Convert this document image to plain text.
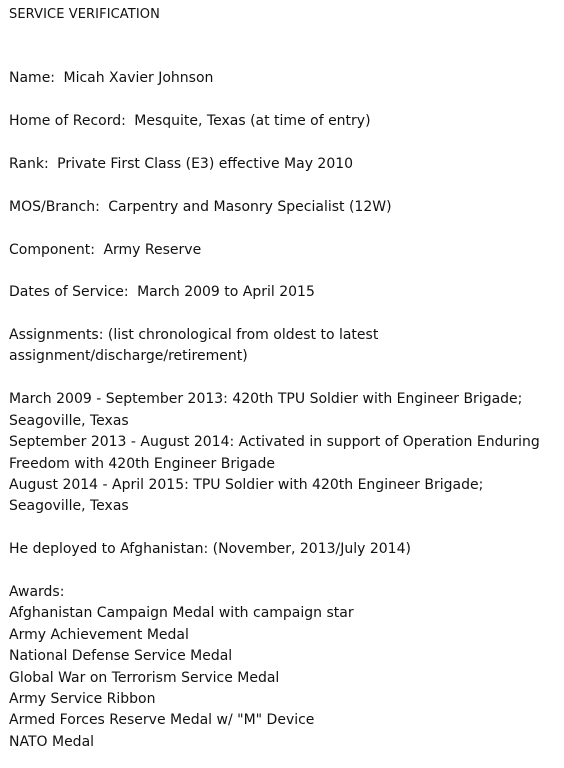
SERVICE VERIFICATION
Name: Micah Xavier Johnson
Home of Record: Mesquite, Texas (at time of entry)
Rank: Private First Class (E3) effective May 2010
MOS/Branch: Carpentry and Masonry Specialist (12W)
Component: Army Reserve
Dates of Service: March 2009 to April 2015
Assignments: (list chronological from oldest to latest
assignment/discharge/retirement)
March 2009 - September 2013: 420th TPU Soldier with Engineer Brigade;
Seagoville, Texas
September 2013 - August 2014: Activated in support of Operation Enduring
Freedom with 420th Engineer Brigade
August 2014 - April 2015: TPU Soldier with 420th Engineer Brigade;
Seagoville, Texas
He deployed to Afghanistan: (November, 2013/July 2014)
Awards:
Afghanistan Campaign Medal with campaign star
Army Achievement Medal
National Defense Service Medal
Global War on Terrorism Service Medal
Army Service Ribbon
Armed Forces Reserve Medal w/ "M" Device
NATO Medal
